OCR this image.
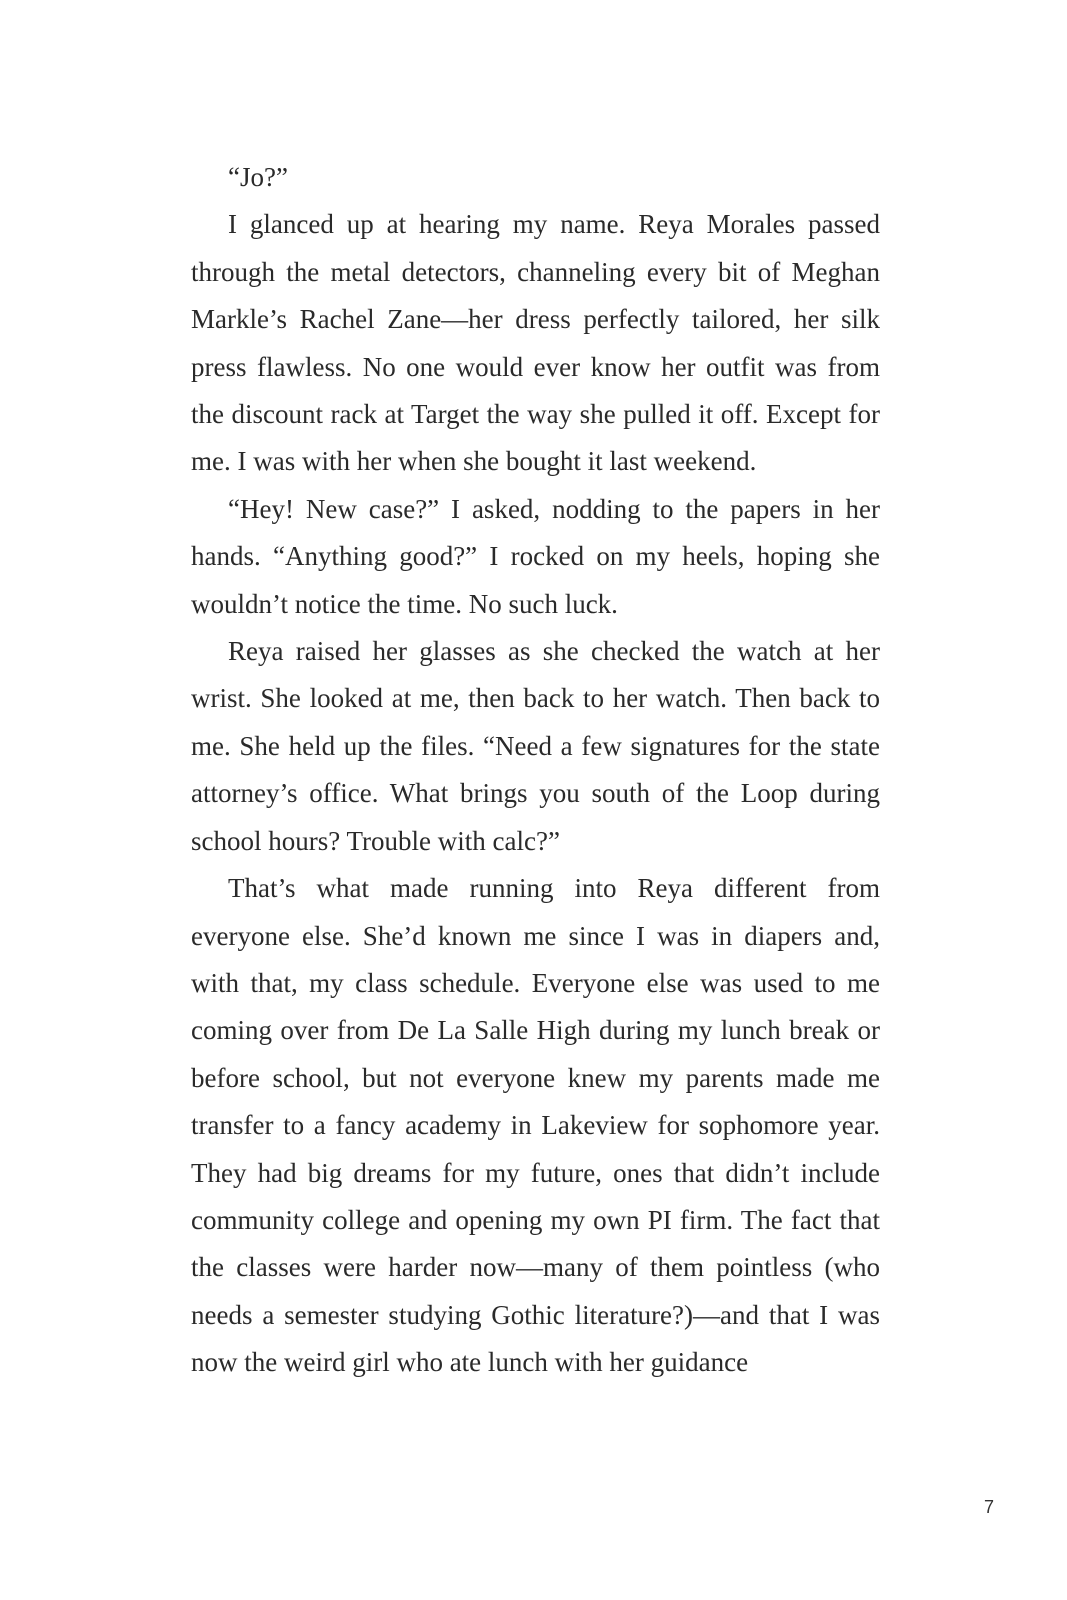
“Jo?”

I glanced up at hearing my name. Reya Morales passed through the metal detectors, channeling every bit of Meghan Markle’s Rachel Zane—her dress perfectly tailored, her silk press flawless. No one would ever know her outfit was from the discount rack at Target the way she pulled it off. Except for me. I was with her when she bought it last weekend.

“Hey! New case?” I asked, nodding to the papers in her hands. “Anything good?” I rocked on my heels, hoping she wouldn’t notice the time. No such luck.

Reya raised her glasses as she checked the watch at her wrist. She looked at me, then back to her watch. Then back to me. She held up the files. “Need a few signatures for the state attorney’s office. What brings you south of the Loop during school hours? Trouble with calc?”

That’s what made running into Reya different from everyone else. She’d known me since I was in diapers and, with that, my class schedule. Everyone else was used to me coming over from De La Salle High during my lunch break or before school, but not everyone knew my parents made me transfer to a fancy academy in Lakeview for sophomore year. They had big dreams for my future, ones that didn’t include community college and opening my own PI firm. The fact that the classes were harder now—many of them pointless (who needs a semester studying Gothic literature?)—and that I was now the weird girl who ate lunch with her guidance

7
